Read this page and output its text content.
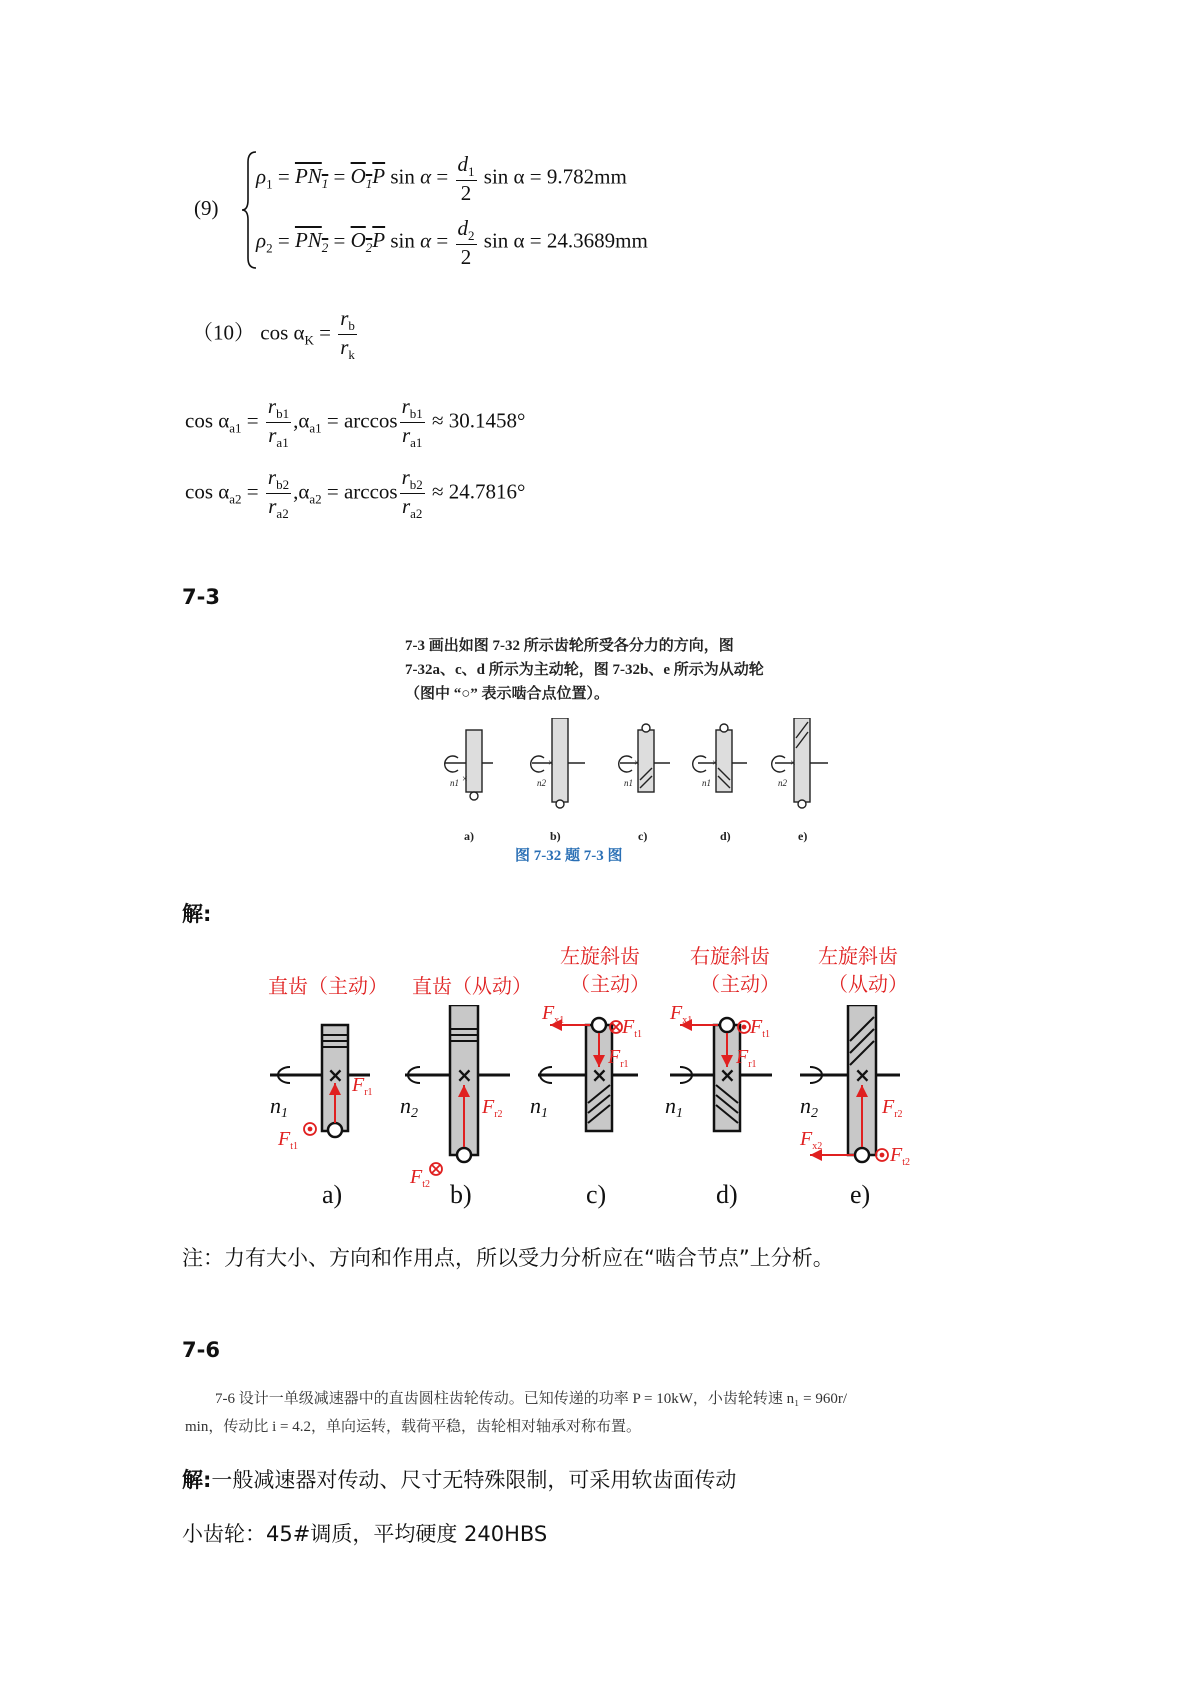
(9)
$\rho_1 = PN_1 = O_1P$ $\sin \alpha = \frac{d_1}{2}$ sin α = 9.782mm
$\rho_2 = PN_2 = O_2P$ $\sin \alpha = \frac{d_2}{2}$ sin α = 24.3689mm
（10） $\cos \alpha_K = \frac{r_b}{r_k}$
$\cos \alpha_{a1} = \frac{r_{b1}}{r_{a1}} ,\alpha_{a1} = \arccos \frac{r_{b1}}{r_{a1}} \approx 30.1458^\circ$
$\cos \alpha_{a2} = \frac{r_{b2}}{r_{a2}} ,\alpha_{a2} = \arccos \frac{r_{b2}}{r_{a2}} \approx 24.7816^\circ$
7-3
7-3 画出如图 7-32 所示齿轮所受各分力的方向，图
7-32a、c、d 所示为主动轮，图 7-32b、e 所示为从动轮
（图中 “○” 表示啮合点位置）。
×
×	×	×	×
a)	b)	c)	d)	e)
n1	n2	n1	n1	n2
图 7-32 题 7-3 图
解:
直齿（主动） 直齿（从动）
左旋斜齿
（主动）
右旋斜齿
（主动）
左旋斜齿
（从动）
×	×	×	×	×
n1	n2	n1	n1	n2
$F_{r1}$
$F_{t1}$
$F_{r2}$
$F_{t2}$
$F_{x1}$	$F_{t1}$
$F_{r1}$
$F_{x1}$	$F_{t1}$
$F_{r1}$
$F_{r2}$
$F_{x2}$	$F_{t2}$
a)	b)	c)	d)	e)
注：力有大小、方向和作用点，所以受力分析应在“啮合节点”上分析。
7-6
7-6 设计一单级减速器中的直齿圆柱齿轮传动。已知传递的功率 P = 10kW，小齿轮转速 n₁ = 960r/
min，传动比 i = 4.2，单向运转，载荷平稳，齿轮相对轴承对称布置。
解:一般减速器对传动、尺寸无特殊限制，可采用软齿面传动
小齿轮：45#调质，平均硬度 240HBS
